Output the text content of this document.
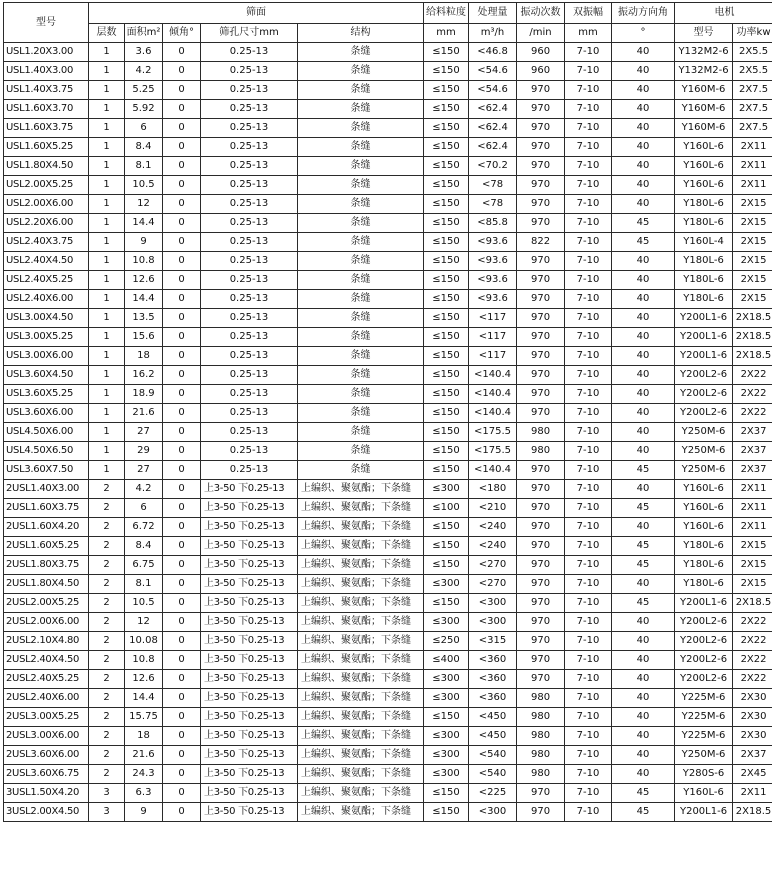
型号	筛面					给料粒度	处理量	振动次数	双振幅	振动方向角	电机	
	层数	面积m²	倾角°	筛孔尺寸mm	结构	mm	m³/h	/min	mm	°	型号	功率kw
USL1.20X3.00	1	3.6	0	0.25-13	条缝	≤150	<46.8	960	7-10	40	Y132M2-6	2X5.5
USL1.40X3.00	1	4.2	0	0.25-13	条缝	≤150	<54.6	960	7-10	40	Y132M2-6	2X5.5
USL1.40X3.75	1	5.25	0	0.25-13	条缝	≤150	<54.6	970	7-10	40	Y160M-6	2X7.5
USL1.60X3.70	1	5.92	0	0.25-13	条缝	≤150	<62.4	970	7-10	40	Y160M-6	2X7.5
USL1.60X3.75	1	6	0	0.25-13	条缝	≤150	<62.4	970	7-10	40	Y160M-6	2X7.5
USL1.60X5.25	1	8.4	0	0.25-13	条缝	≤150	<62.4	970	7-10	40	Y160L-6	2X11
USL1.80X4.50	1	8.1	0	0.25-13	条缝	≤150	<70.2	970	7-10	40	Y160L-6	2X11
USL2.00X5.25	1	10.5	0	0.25-13	条缝	≤150	<78	970	7-10	40	Y160L-6	2X11
USL2.00X6.00	1	12	0	0.25-13	条缝	≤150	<78	970	7-10	40	Y180L-6	2X15
USL2.20X6.00	1	14.4	0	0.25-13	条缝	≤150	<85.8	970	7-10	45	Y180L-6	2X15
USL2.40X3.75	1	9	0	0.25-13	条缝	≤150	<93.6	822	7-10	45	Y160L-4	2X15
USL2.40X4.50	1	10.8	0	0.25-13	条缝	≤150	<93.6	970	7-10	40	Y180L-6	2X15
USL2.40X5.25	1	12.6	0	0.25-13	条缝	≤150	<93.6	970	7-10	40	Y180L-6	2X15
USL2.40X6.00	1	14.4	0	0.25-13	条缝	≤150	<93.6	970	7-10	40	Y180L-6	2X15
USL3.00X4.50	1	13.5	0	0.25-13	条缝	≤150	<117	970	7-10	40	Y200L1-6	2X18.5
USL3.00X5.25	1	15.6	0	0.25-13	条缝	≤150	<117	970	7-10	40	Y200L1-6	2X18.5
USL3.00X6.00	1	18	0	0.25-13	条缝	≤150	<117	970	7-10	40	Y200L1-6	2X18.5
USL3.60X4.50	1	16.2	0	0.25-13	条缝	≤150	<140.4	970	7-10	40	Y200L2-6	2X22
USL3.60X5.25	1	18.9	0	0.25-13	条缝	≤150	<140.4	970	7-10	40	Y200L2-6	2X22
USL3.60X6.00	1	21.6	0	0.25-13	条缝	≤150	<140.4	970	7-10	40	Y200L2-6	2X22
USL4.50X6.00	1	27	0	0.25-13	条缝	≤150	<175.5	980	7-10	40	Y250M-6	2X37
USL4.50X6.50	1	29	0	0.25-13	条缝	≤150	<175.5	980	7-10	40	Y250M-6	2X37
USL3.60X7.50	1	27	0	0.25-13	条缝	≤150	<140.4	970	7-10	45	Y250M-6	2X37
2USL1.40X3.00	2	4.2	0	上3-50 下0.25-13	上编织、聚氨酯；下条缝	≤300	<180	970	7-10	40	Y160L-6	2X11
2USL1.60X3.75	2	6	0	上3-50 下0.25-13	上编织、聚氨酯；下条缝	≤100	<210	970	7-10	45	Y160L-6	2X11
2USL1.60X4.20	2	6.72	0	上3-50 下0.25-13	上编织、聚氨酯；下条缝	≤150	<240	970	7-10	40	Y160L-6	2X11
2USL1.60X5.25	2	8.4	0	上3-50 下0.25-13	上编织、聚氨酯；下条缝	≤150	<240	970	7-10	45	Y180L-6	2X15
2USL1.80X3.75	2	6.75	0	上3-50 下0.25-13	上编织、聚氨酯；下条缝	≤150	<270	970	7-10	45	Y180L-6	2X15
2USL1.80X4.50	2	8.1	0	上3-50 下0.25-13	上编织、聚氨酯；下条缝	≤300	<270	970	7-10	40	Y180L-6	2X15
2USL2.00X5.25	2	10.5	0	上3-50 下0.25-13	上编织、聚氨酯；下条缝	≤150	<300	970	7-10	45	Y200L1-6	2X18.5
2USL2.00X6.00	2	12	0	上3-50 下0.25-13	上编织、聚氨酯；下条缝	≤300	<300	970	7-10	40	Y200L2-6	2X22
2USL2.10X4.80	2	10.08	0	上3-50 下0.25-13	上编织、聚氨酯；下条缝	≤250	<315	970	7-10	40	Y200L2-6	2X22
2USL2.40X4.50	2	10.8	0	上3-50 下0.25-13	上编织、聚氨酯；下条缝	≤400	<360	970	7-10	40	Y200L2-6	2X22
2USL2.40X5.25	2	12.6	0	上3-50 下0.25-13	上编织、聚氨酯；下条缝	≤300	<360	970	7-10	40	Y200L2-6	2X22
2USL2.40X6.00	2	14.4	0	上3-50 下0.25-13	上编织、聚氨酯；下条缝	≤300	<360	980	7-10	40	Y225M-6	2X30
2USL3.00X5.25	2	15.75	0	上3-50 下0.25-13	上编织、聚氨酯；下条缝	≤150	<450	980	7-10	40	Y225M-6	2X30
2USL3.00X6.00	2	18	0	上3-50 下0.25-13	上编织、聚氨酯；下条缝	≤300	<450	980	7-10	40	Y225M-6	2X30
2USL3.60X6.00	2	21.6	0	上3-50 下0.25-13	上编织、聚氨酯；下条缝	≤300	<540	980	7-10	40	Y250M-6	2X37
2USL3.60X6.75	2	24.3	0	上3-50 下0.25-13	上编织、聚氨酯；下条缝	≤300	<540	980	7-10	40	Y280S-6	2X45
3USL1.50X4.20	3	6.3	0	上3-50 下0.25-13	上编织、聚氨酯；下条缝	≤150	<225	970	7-10	45	Y160L-6	2X11
3USL2.00X4.50	3	9	0	上3-50 下0.25-13	上编织、聚氨酯；下条缝	≤150	<300	970	7-10	45	Y200L1-6	2X18.5
